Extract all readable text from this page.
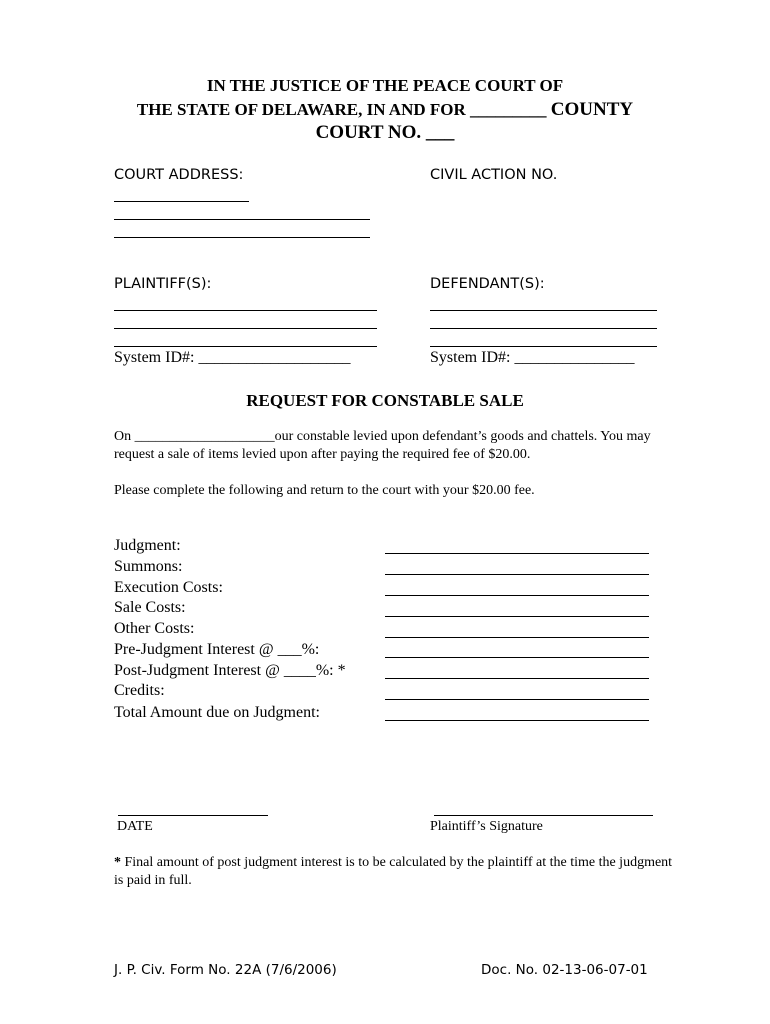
IN THE JUSTICE OF THE PEACE COURT OF
THE STATE OF DELAWARE, IN AND FOR _________ COUNTY
COURT NO. ___
COURT ADDRESS:	CIVIL ACTION NO.
PLAINTIFF(S):	DEFENDANT(S):
System ID#: ___________________	System ID#: _______________
REQUEST FOR CONSTABLE SALE
On ____________________our constable levied upon defendant’s goods and chattels. You may
request a sale of items levied upon after paying the required fee of $20.00.
Please complete the following and return to the court with your $20.00 fee.
Judgment:
Summons:
Execution Costs:
Sale Costs:
Other Costs:
Pre-Judgment Interest @ ___%:
Post-Judgment Interest @ ____%: *
Credits:
Total Amount due on Judgment:
DATE	Plaintiff’s Signature
* Final amount of post judgment interest is to be calculated by the plaintiff at the time the judgment
is paid in full.
J. P. Civ. Form No. 22A (7/6/2006)	Doc. No. 02-13-06-07-01
